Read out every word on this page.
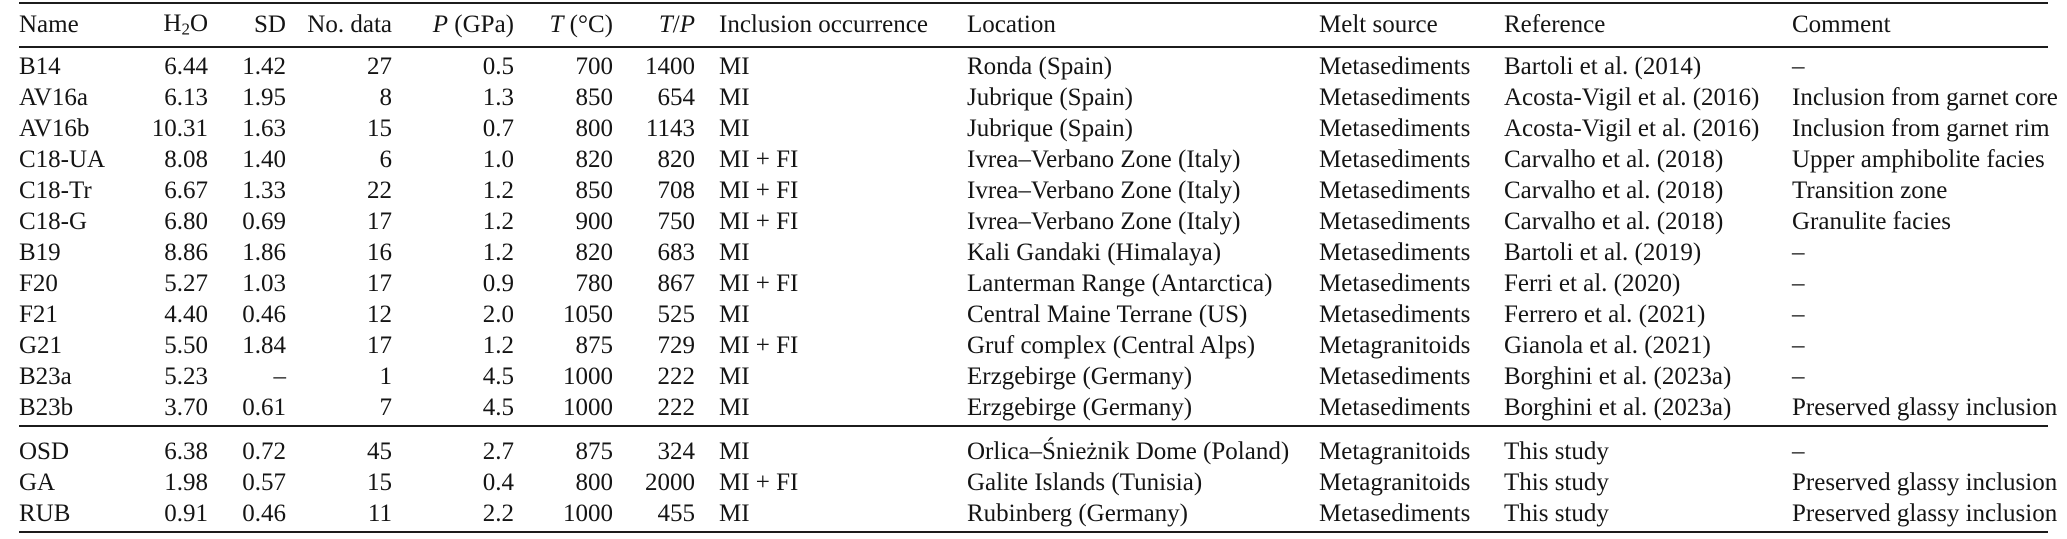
Name	H2O	SD	No. data	P (GPa)	T (°C)	T/P	Inclusion occurrence	Location	Melt source	Reference	Comment
B14	6.44	1.42	27	0.5	700	1400	MI	Ronda (Spain)	Metasediments	Bartoli et al. (2014)	–
AV16a	6.13	1.95	8	1.3	850	654	MI	Jubrique (Spain)	Metasediments	Acosta-Vigil et al. (2016)	Inclusion from garnet core
AV16b	10.31	1.63	15	0.7	800	1143	MI	Jubrique (Spain)	Metasediments	Acosta-Vigil et al. (2016)	Inclusion from garnet rim
C18-UA	8.08	1.40	6	1.0	820	820	MI + FI	Ivrea–Verbano Zone (Italy)	Metasediments	Carvalho et al. (2018)	Upper amphibolite facies
C18-Tr	6.67	1.33	22	1.2	850	708	MI + FI	Ivrea–Verbano Zone (Italy)	Metasediments	Carvalho et al. (2018)	Transition zone
C18-G	6.80	0.69	17	1.2	900	750	MI + FI	Ivrea–Verbano Zone (Italy)	Metasediments	Carvalho et al. (2018)	Granulite facies
B19	8.86	1.86	16	1.2	820	683	MI	Kali Gandaki (Himalaya)	Metasediments	Bartoli et al. (2019)	–
F20	5.27	1.03	17	0.9	780	867	MI + FI	Lanterman Range (Antarctica)	Metasediments	Ferri et al. (2020)	–
F21	4.40	0.46	12	2.0	1050	525	MI	Central Maine Terrane (US)	Metasediments	Ferrero et al. (2021)	–
G21	5.50	1.84	17	1.2	875	729	MI + FI	Gruf complex (Central Alps)	Metagranitoids	Gianola et al. (2021)	–
B23a	5.23	–	1	4.5	1000	222	MI	Erzgebirge (Germany)	Metasediments	Borghini et al. (2023a)	–
B23b	3.70	0.61	7	4.5	1000	222	MI	Erzgebirge (Germany)	Metasediments	Borghini et al. (2023a)	Preserved glassy inclusion
OSD	6.38	0.72	45	2.7	875	324	MI	Orlica–Śnieżnik Dome (Poland)	Metagranitoids	This study	–
GA	1.98	0.57	15	0.4	800	2000	MI + FI	Galite Islands (Tunisia)	Metagranitoids	This study	Preserved glassy inclusion
RUB	0.91	0.46	11	2.2	1000	455	MI	Rubinberg (Germany)	Metasediments	This study	Preserved glassy inclusion
